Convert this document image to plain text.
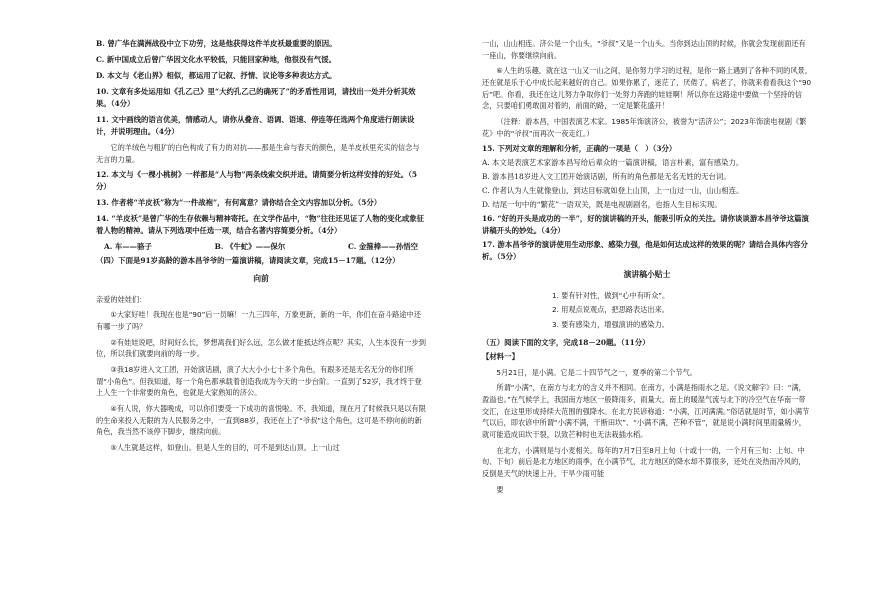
B. 曾广华在满洲战役中立下功劳，这是他获得这件羊皮袄最重要的原因。
C. 新中国成立后曾广华因文化水平较低，只能回家种地，他很没有气馁。
D. 本文与《老山界》相似，都运用了记叙、抒情、议论等多种表达方式。
10. 文章有多处运用如《孔乙己》里“大约孔乙己的确死了”的矛盾性用词，请找出一处并分析其效果。（4分）
11. 文中画线的语言优美，情感动人，请你从叠音、语调、语速、停连等任选两个角度进行朗读设计，并说明理由。（4分）
它的羊绒色与粗犷的白色构成了有力的对抗——那是生命与春天的颜色，是羊皮袄里充实的信念与无言的力量。
12. 本文与《一棵小桃树》一样都是“人与物”两条线索交织并进。请简要分析这样安排的好处。（5分）
13. 作者将“羊皮袄”称为“一件战袍”，有何寓意？请你结合全文内容加以分析。（5分）
14. “羊皮袄”是曾广华的生存依赖与精神寄托。在文学作品中，“物”往往还见证了人物的变化或象征着人物的精神。请从下列选项中任选一项，结合名著内容简要分析。（4分）
A. 车——骆子	B. 《牛虻》——保尔	C. 金箍棒——孙悟空
（四）下面是91岁高龄的游本昌爷爷的一篇演讲稿，请阅读文章，完成15－17题。（12分）
向前
亲爱的娃娃们：
①大家好哇！我现在也是“90”后一员嘛！一九三四年，万象更新，新的一年，你们在奋斗路途中还有哪一步了吗？
②有娃娃说吧，时间好么长，梦想离我们好么远，怎么做才能抵达终点呢？其实，人生本没有一步到位，所以我们就要向前的每一步。
③我18岁进入文工团，开始演话剧，演了大大小小七十多个角色，有跟多还是无名无分的你们所谓“小角色”。但我知道，每一个角色都承载着创造我成为今天的一步台阶。一直到了52岁，我才终于登上人生一个非常要的角色，也就是大家熟知的济公。
④有人说，你大器晚成，可以你们要受一下成功的喜悦啦。不，我知道，现在月了时候我只是以有限的生命来投入无限的为人民服务之中，一直到88岁，我还在上了“爷叔”这个角色，这可是不停向前的新角色，我当然不该停下脚步，继续向前。
⑤人生就是这样，如登山。但是人生的目的，可不是到达山顶。上一山过
一山，山山相连。济公是一个山头，“爷叔”又是一个山头。当你到达山顶的时候，你就会发现前面还有一座山，你要继续向前。
⑥人生的乐趣，就在这一山又一山之间，是你努力学习的过程，是你一路上遇到了各种不同的风景，还在就是乐于心中成长起来越好的自己。如果你累了，迷茫了，厌倦了，病老了，你就来看看我这个“90后”吧。你看，我还在这儿努力争取你们一处努力奔跑的娃娃啊！所以你在这路途中要做一个坚持的信念，只要咱们勇敢面对着的，前面的路，一定是繁花盛开！
（注释：游本昌，中国表演艺术家。1985年饰演济公，被誉为“活济公”；2023年饰演电视剧《繁花》中的“爷叔”而再次一夜走红。）
15. 下列对文章的理解和分析，正确的一项是（　）（3分）
A. 本文是表演艺术家游本昌写给后辈众的一篇演讲稿，语言朴素，富有感染力。
B. 游本昌18岁进入文工团开始演话剧，所有的角色都是无名无姓的无台词。
C. 作者认为人生就像登山，到达目标就如登上山顶，上一山过一山，山山相连。
D. 结尾一句中的“繁花”一语双关，既是电视剧剧名，也指人生目标实现。
16. “好的开头是成功的一半”，好的演讲稿的开头，能吸引听众的关注。请你谈谈游本昌爷爷这篇演讲稿开头的妙处。（4分）
17. 游本昌爷爷的演讲使用生动形象、感染力强，他是如何达成这样的效果的呢？请结合具体内容分析。（5分）
演讲稿小贴士
1. 要有针对性，做到“心中有听众”。
2. 用观点说观点，把思路表达出来。
3. 要有感染力，增强演讲的感染力。
（五）阅读下面的文字，完成18－20题。（11分）
【材料一】
5月21日，是小满。它是二十四节气之一，夏季的第二个节气。
所谓“小满”，在南方与北方的含义并不相同。在南方，小满是指雨水之足。《说文解字》曰：“满，盈溢也。”在气候学上，我国南方地区一般降雨多，雨量大。南上的暖湿气流与北下的冷空气在华南一带交汇，在这里形成持续大范围的强降水。在北方民谚称道：“小满，江河满满。”俗话就是时节，如小满节气以后，即农谚中所谓“小满不满，干断田坎”、“小满不满，芒种不管”，就是说小满时间里雨量稀少，就可能造成田坎干裂，以致芒种时也无法栽插水稻。
在北方，小满则是与小麦相关。每年的7月7日至8月上旬（十或十一的，一个月有三旬：上旬、中旬、下旬）前后是北方地区的雨季，在小满节气，北方地区的降水却不算很多，还处在炎热而冷风的，反倒是天气的快速上升，干旱少雨可能
要
